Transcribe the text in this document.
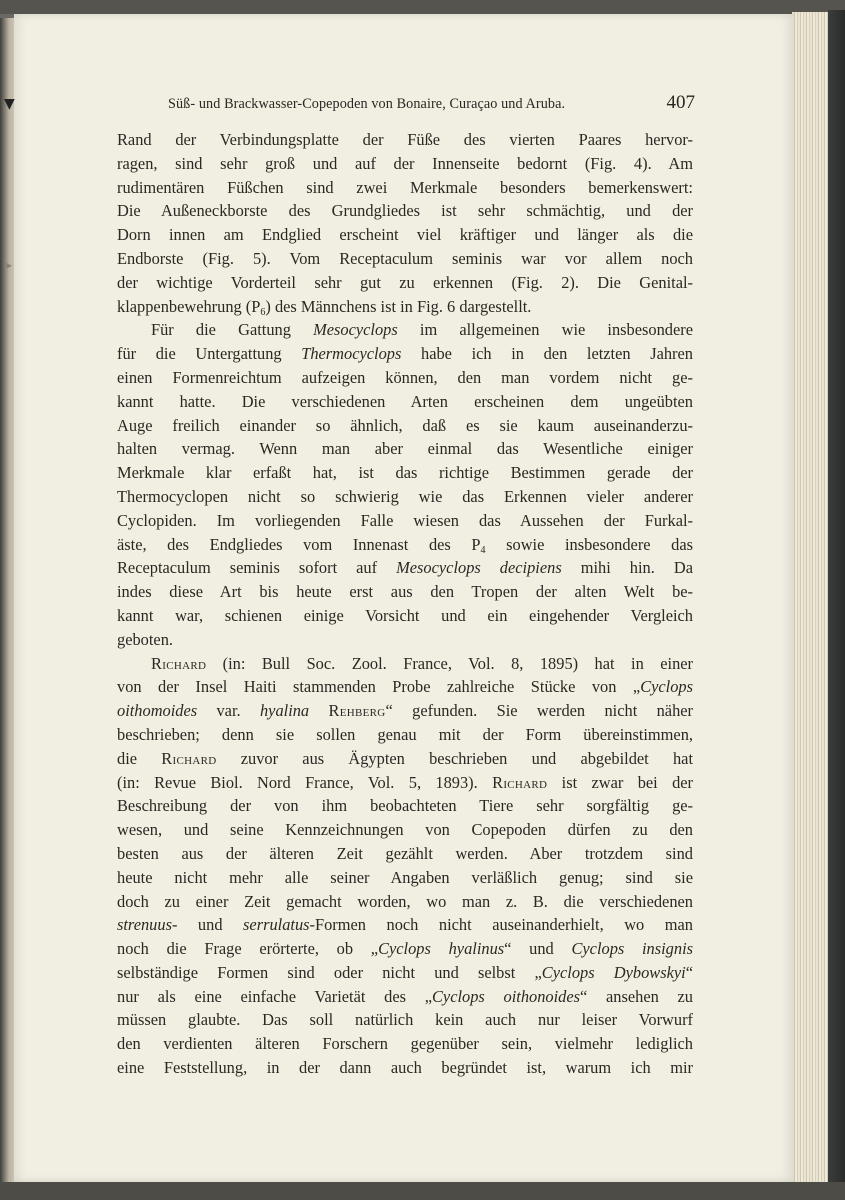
▼
▸
Süß- und Brackwasser-Copepoden von Bonaire, Curaçao und Aruba.	407
Rand der Verbindungsplatte der Füße des vierten Paares hervor-
ragen, sind sehr groß und auf der Innenseite bedornt (Fig. 4). Am
rudimentären Füßchen sind zwei Merkmale besonders bemerkenswert:
Die Außeneckborste des Grundgliedes ist sehr schmächtig, und der
Dorn innen am Endglied erscheint viel kräftiger und länger als die
Endborste (Fig. 5). Vom Receptaculum seminis war vor allem noch
der wichtige Vorderteil sehr gut zu erkennen (Fig. 2). Die Genital-
klappenbewehrung $(P_6)$ des Männchens ist in Fig. 6 dargestellt.
Für die Gattung Mesocyclops im allgemeinen wie insbesondere
für die Untergattung Thermocyclops habe ich in den letzten Jahren
einen Formenreichtum aufzeigen können, den man vordem nicht ge-
kannt hatte. Die verschiedenen Arten erscheinen dem ungeübten
Auge freilich einander so ähnlich, daß es sie kaum auseinanderzu-
halten vermag. Wenn man aber einmal das Wesentliche einiger
Merkmale klar erfaßt hat, ist das richtige Bestimmen gerade der
Thermocyclopen nicht so schwierig wie das Erkennen vieler anderer
Cyclopiden. Im vorliegenden Falle wiesen das Aussehen der Furkal-
äste, des Endgliedes vom Innenast des $P_4$ sowie insbesondere das
Receptaculum seminis sofort auf Mesocyclops decipiens mihi hin. Da
indes diese Art bis heute erst aus den Tropen der alten Welt be-
kannt war, schienen einige Vorsicht und ein eingehender Vergleich
geboten.
Richard (in: Bull Soc. Zool. France, Vol. 8, 1895) hat in einer
von der Insel Haiti stammenden Probe zahlreiche Stücke von „Cyclops
oithomoides var. hyalina Rehberg“ gefunden. Sie werden nicht näher
beschrieben; denn sie sollen genau mit der Form übereinstimmen,
die Richard zuvor aus Ägypten beschrieben und abgebildet hat
(in: Revue Biol. Nord France, Vol. 5, 1893). Richard ist zwar bei der
Beschreibung der von ihm beobachteten Tiere sehr sorgfältig ge-
wesen, und seine Kennzeichnungen von Copepoden dürfen zu den
besten aus der älteren Zeit gezählt werden. Aber trotzdem sind
heute nicht mehr alle seiner Angaben verläßlich genug; sind sie
doch zu einer Zeit gemacht worden, wo man z. B. die verschiedenen
strenuus- und serrulatus-Formen noch nicht auseinanderhielt, wo man
noch die Frage erörterte, ob „Cyclops hyalinus“ und Cyclops insignis
selbständige Formen sind oder nicht und selbst „Cyclops Dybowskyi“
nur als eine einfache Varietät des „Cyclops oithonoides“ ansehen zu
müssen glaubte. Das soll natürlich kein auch nur leiser Vorwurf
den verdienten älteren Forschern gegenüber sein, vielmehr lediglich
eine Feststellung, in der dann auch begründet ist, warum ich mir
